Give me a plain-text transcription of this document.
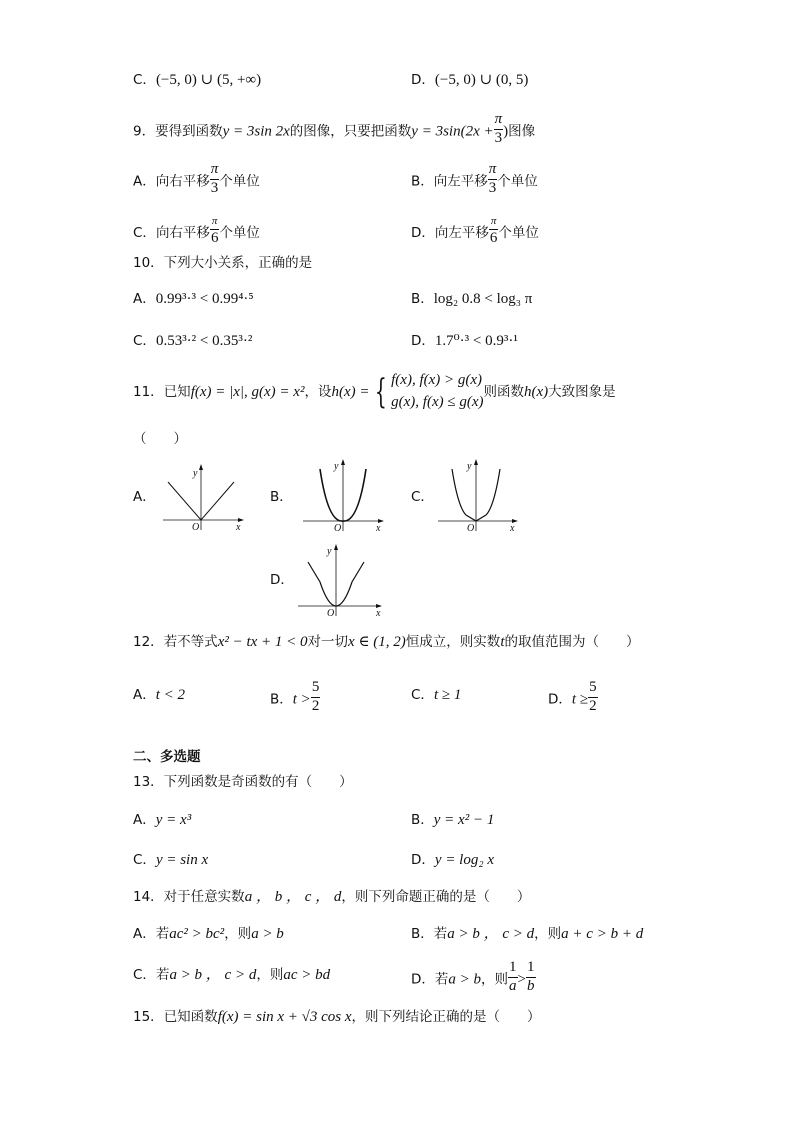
C．(−5, 0) ∪ (5, +∞)	D．(−5, 0) ∪ (0, 5)
9．要得到函数y = 3sin 2x的图像，只要把函数$y = 3\sin(2x + \frac{\pi}{3}$ )图像
A．向右平移 $\frac{\pi}{3}$ 个单位	B．向左平移 $\frac{\pi}{3}$ 个单位
C．向右平移 $\frac{\pi}{6}$ 个单位	D．向左平移 $\frac{\pi}{6}$ 个单位
10．下列大小关系，正确的是
A．0.99³·³ < 0.99⁴·⁵	B．log₂ 0.8 < log₃ π
C．0.53³·² < 0.35³·²	D．1.7⁰·³ < 0.9³·¹
11．已知f(x) = |x|, g(x) = x²，设h(x) = { f(x), f(x) > g(x)
g(x), f(x) ≤ g(x)
则函数h(x)大致图象是
（　　）
A．
y
x
O
B．
y
x
O
C．
y
x
O
D．
y
x
O
12．若不等式x² − tx + 1 < 0对一切x ∈ (1, 2)恒成立，则实数t的取值范围为（　　）
A．t < 2	B．$t > \frac{5}{2}$	C．t ≥ 1	D．$t \ge \frac{5}{2}$
二、多选题
13．下列函数是奇函数的有（　　）
A．y = x³	B．y = x² − 1
C．y = sin x	D．y = log₂ x
14．对于任意实数a ， b ， c ， d，则下列命题正确的是（　　）
A．若ac² > bc²，则a > b	B．若a > b ， c > d，则a + c > b + d
C．若a > b ， c > d，则ac > bd	D．若a > b，则 $\frac{1}{a} > \frac{1}{b}$
15．已知函数f(x) = sin x + √3 cos x，则下列结论正确的是（　　）
